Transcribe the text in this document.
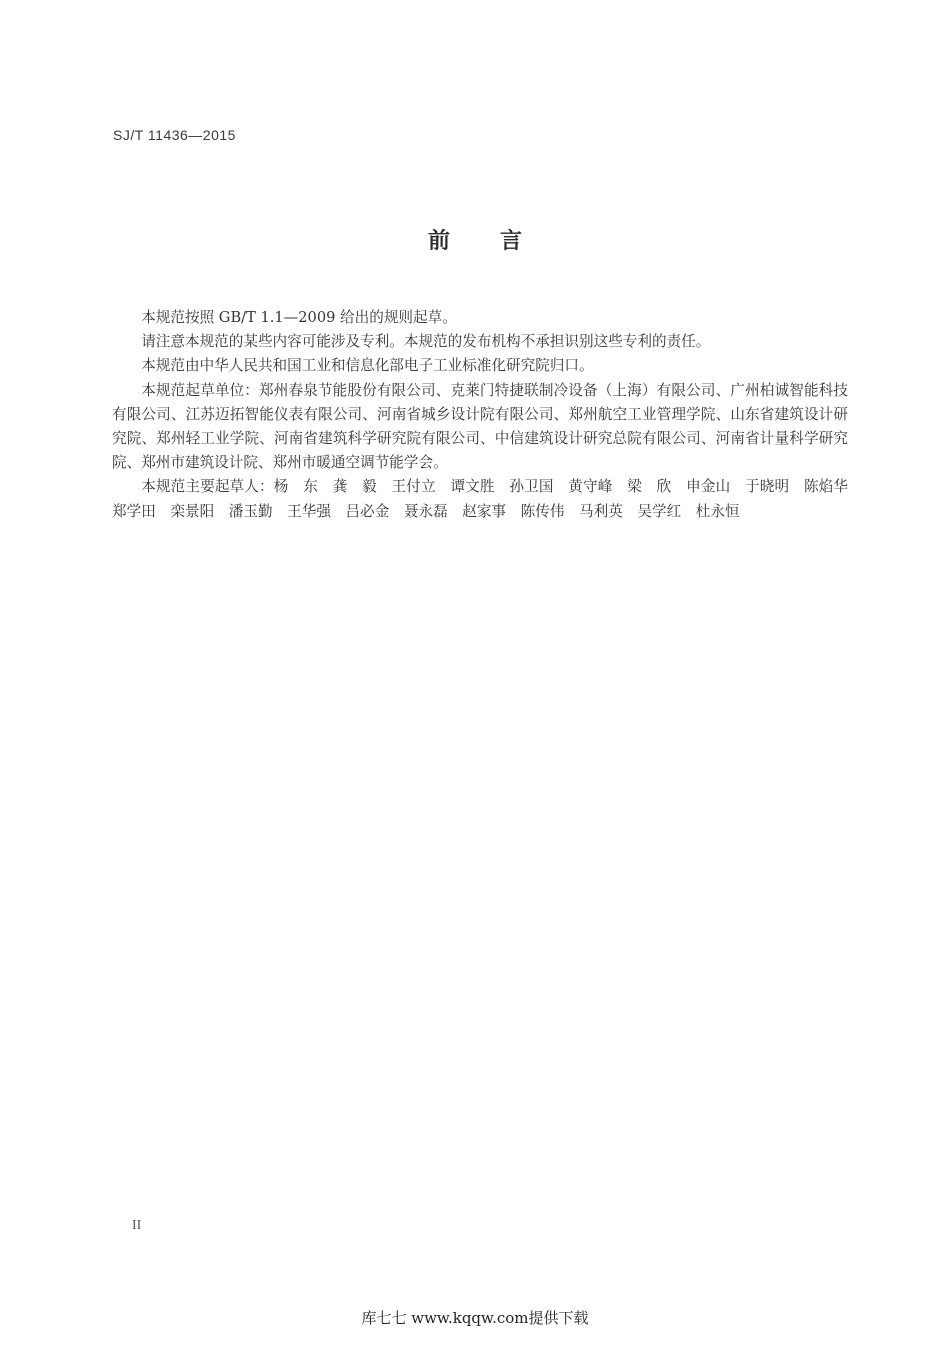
SJ/T 11436—2015
前言

本规范按照 GB/T 1.1—2009 给出的规则起草。

请注意本规范的某些内容可能涉及专利。本规范的发布机构不承担识别这些专利的责任。

本规范由中华人民共和国工业和信息化部电子工业标准化研究院归口。

本规范起草单位：郑州春泉节能股份有限公司、克莱门特捷联制冷设备（上海）有限公司、广州柏诚智能科技有限公司、江苏迈拓智能仪表有限公司、河南省城乡设计院有限公司、郑州航空工业管理学院、山东省建筑设计研究院、郑州轻工业学院、河南省建筑科学研究院有限公司、中信建筑设计研究总院有限公司、河南省计量科学研究院、郑州市建筑设计院、郑州市暖通空调节能学会。

本规范主要起草人：杨　东　龚　毅　王付立　谭文胜　孙卫国　黄守峰　梁　欣　申金山　于晓明　陈焰华　郑学田　栾景阳　潘玉勤　王华强　吕必金　聂永磊　赵家事　陈传伟　马利英　吴学红　杜永恒

II
库七七 www.kqqw.com提供下载
